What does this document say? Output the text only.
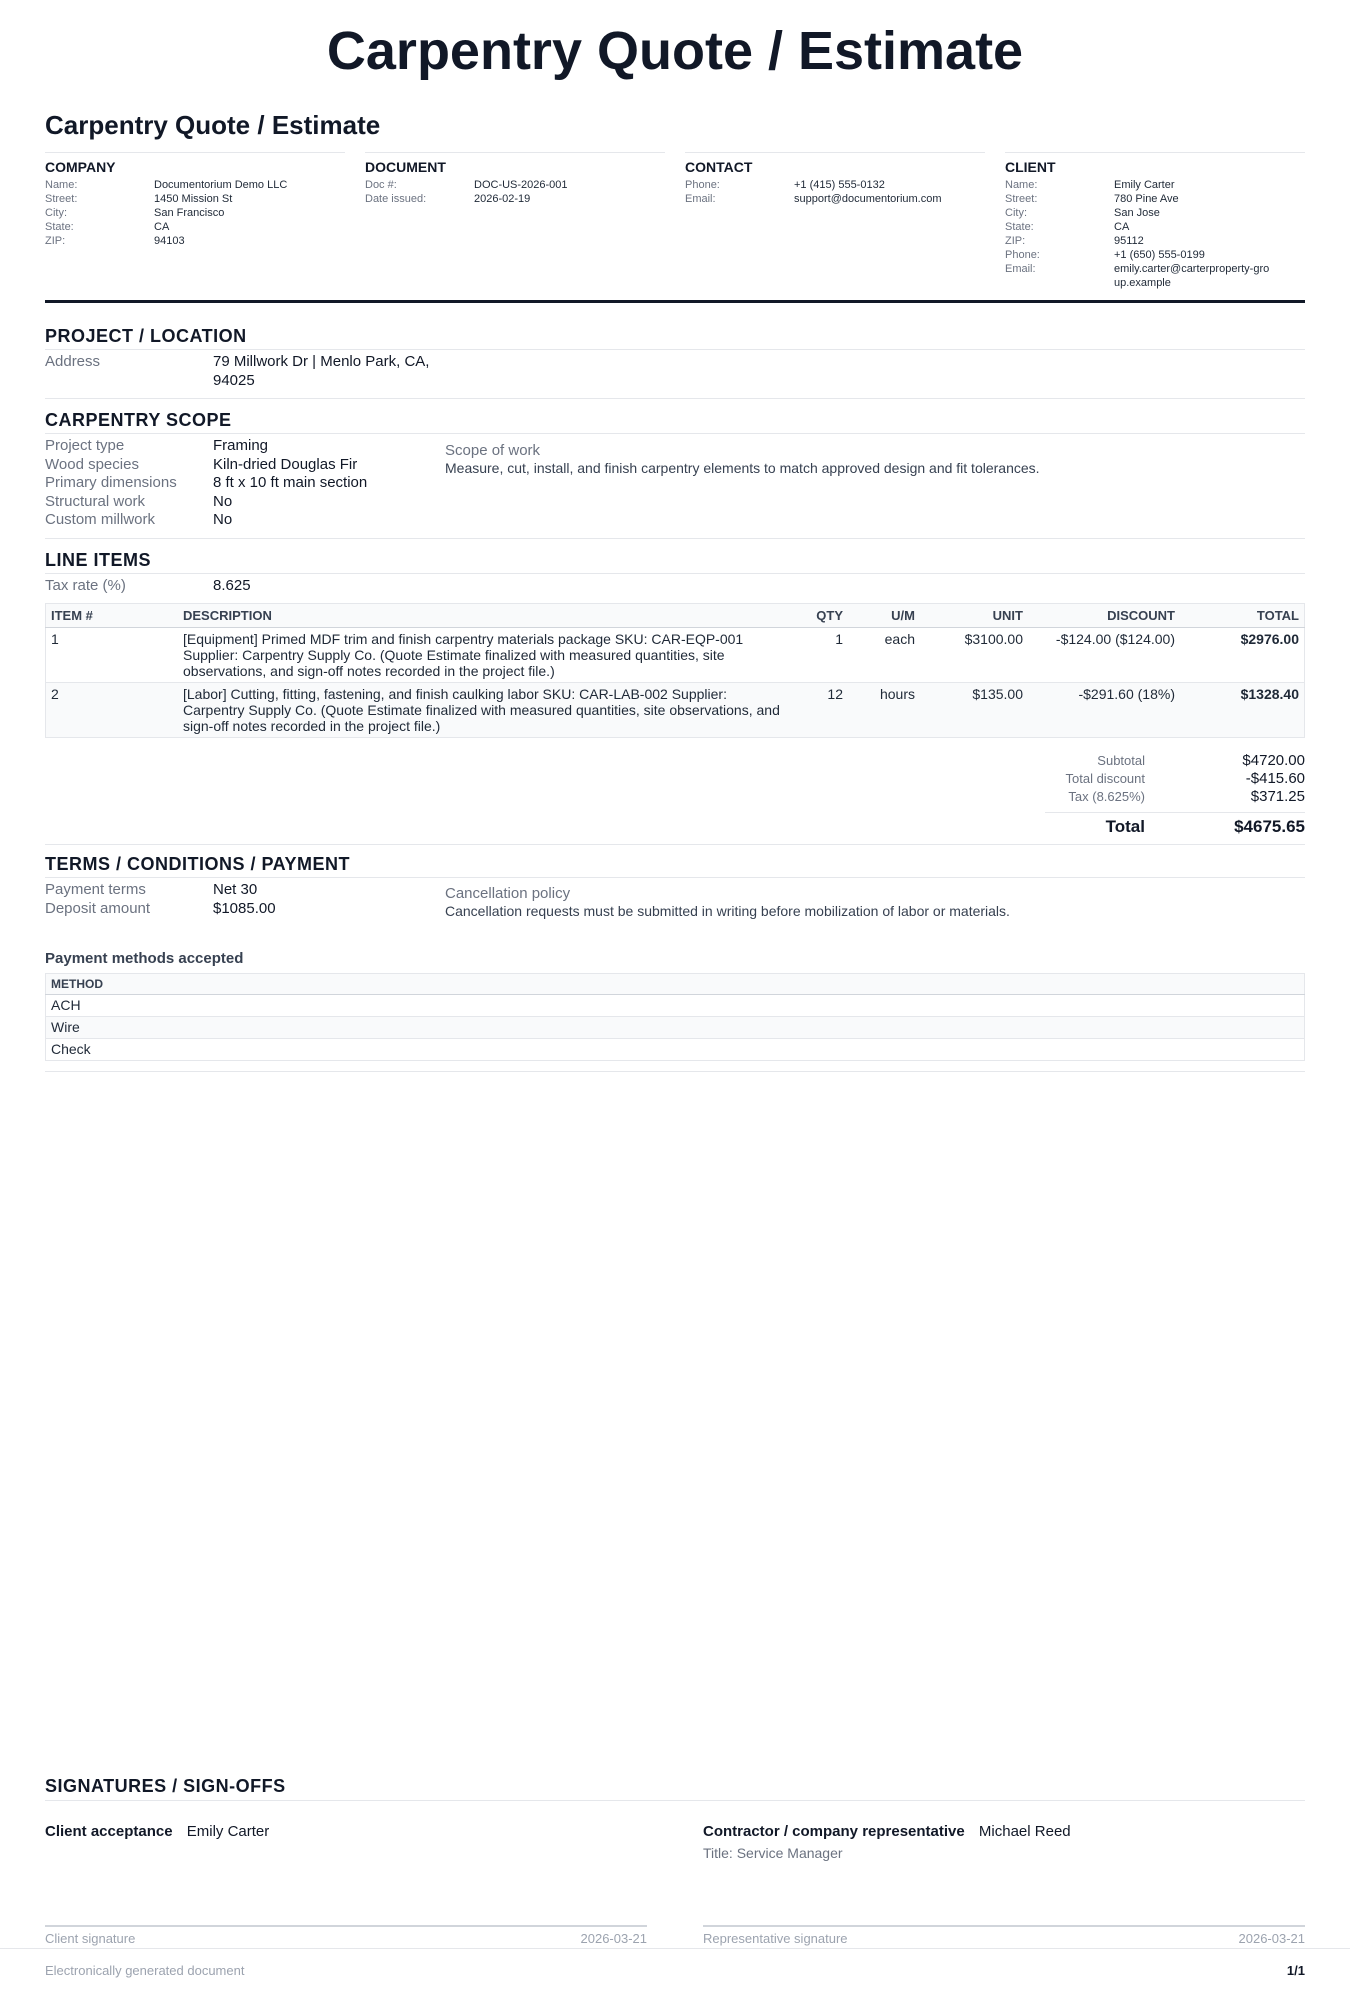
Carpentry Quote / Estimate
Carpentry Quote / Estimate
COMPANY
Name:	Documentorium Demo LLC
Street:	1450 Mission St
City:	San Francisco
State:	CA
ZIP:	94103
DOCUMENT
Doc #:	DOC-US-2026-001
Date issued:	2026-02-19
CONTACT
Phone:	+1 (415) 555-0132
Email:	support@documentorium.com
CLIENT
Name:	Emily Carter
Street:	780 Pine Ave
City:	San Jose
State:	CA
ZIP:	95112
Phone:	+1 (650) 555-0199
Email:	emily.carter@carterproperty-group.example
PROJECT / LOCATION
Address	79 Millwork Dr | Menlo Park, CA,
94025
CARPENTRY SCOPE
Project type	Framing
Wood species	Kiln-dried Douglas Fir
Primary dimensions	8 ft x 10 ft main section
Structural work	No
Custom millwork	No
Scope of work
Measure, cut, install, and finish carpentry elements to match approved design and fit tolerances.
LINE ITEMS
Tax rate (%)	8.625
ITEM #	DESCRIPTION	QTY	U/M	UNIT	DISCOUNT	TOTAL
1	[Equipment] Primed MDF trim and finish carpentry materials package SKU: CAR-EQP-001 Supplier: Carpentry Supply Co. (Quote Estimate finalized with measured quantities, site observations, and sign-off notes recorded in the project file.)	1	each	$3100.00	-$124.00 ($124.00)	$2976.00
2	[Labor] Cutting, fitting, fastening, and finish caulking labor SKU: CAR-LAB-002 Supplier: Carpentry Supply Co. (Quote Estimate finalized with measured quantities, site observations, and sign-off notes recorded in the project file.)	12	hours	$135.00	-$291.60 (18%)	$1328.40
Subtotal	$4720.00
Total discount	-$415.60
Tax (8.625%)	$371.25
Total	$4675.65
TERMS / CONDITIONS / PAYMENT
Payment terms	Net 30
Deposit amount	$1085.00
Cancellation policy
Cancellation requests must be submitted in writing before mobilization of labor or materials.
Payment methods accepted
METHOD
ACH
Wire
Check
SIGNATURES / SIGN-OFFS
Client acceptance Emily Carter
Client signature	2026-03-21
Contractor / company representative Michael Reed
Title: Service Manager
Representative signature	2026-03-21
Electronically generated document	1/1
